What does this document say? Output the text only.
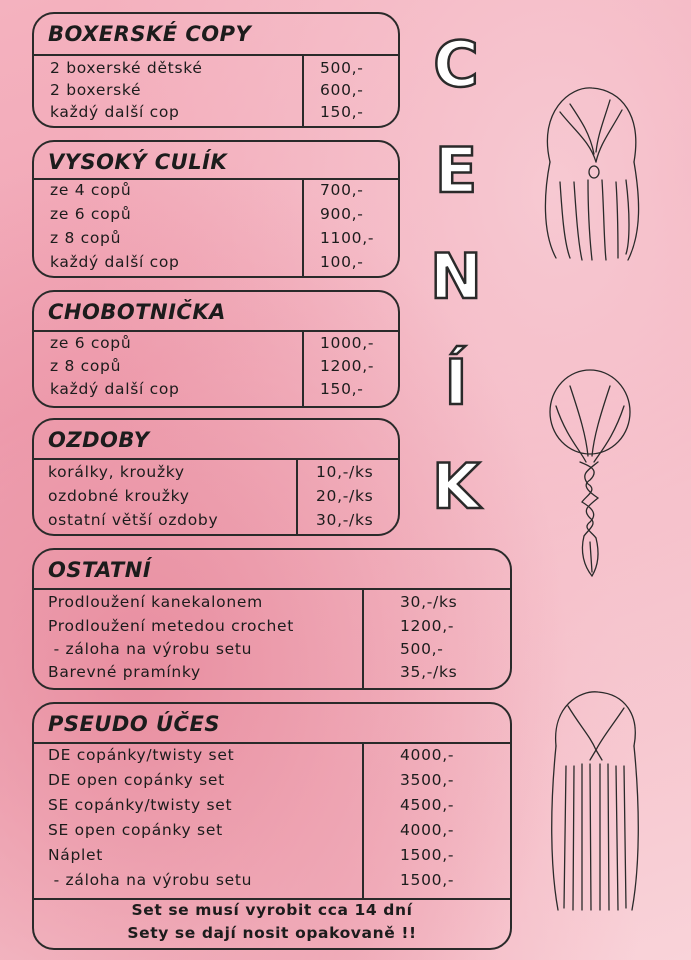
BOXERSKÉ COPY
2 boxerské dětské	500,-
2 boxerské	600,-
každý další cop	150,-
VYSOKÝ CULÍK
ze 4 copů	700,-
ze 6 copů	900,-
z 8 copů	1100,-
každý další cop	100,-
CHOBOTNIČKA
ze 6 copů	1000,-
z 8 copů	1200,-
každý další cop	150,-
OZDOBY
korálky, kroužky	10,-/ks
ozdobné kroužky	20,-/ks
ostatní větší ozdoby	30,-/ks
OSTATNÍ
Prodloužení kanekalonem	30,-/ks
Prodloužení metedou crochet	1200,-
- záloha na výrobu setu	500,-
Barevné pramínky	35,-/ks
PSEUDO ÚČES
DE copánky/twisty set	4000,-
DE open copánky set	3500,-
SE copánky/twisty set	4500,-
SE open copánky set	4000,-
Náplet	1500,-
- záloha na výrobu setu	1500,-
Set se musí vyrobit cca 14 dní
Sety se dají nosit opakovaně !!
C
E
N
Í
K
